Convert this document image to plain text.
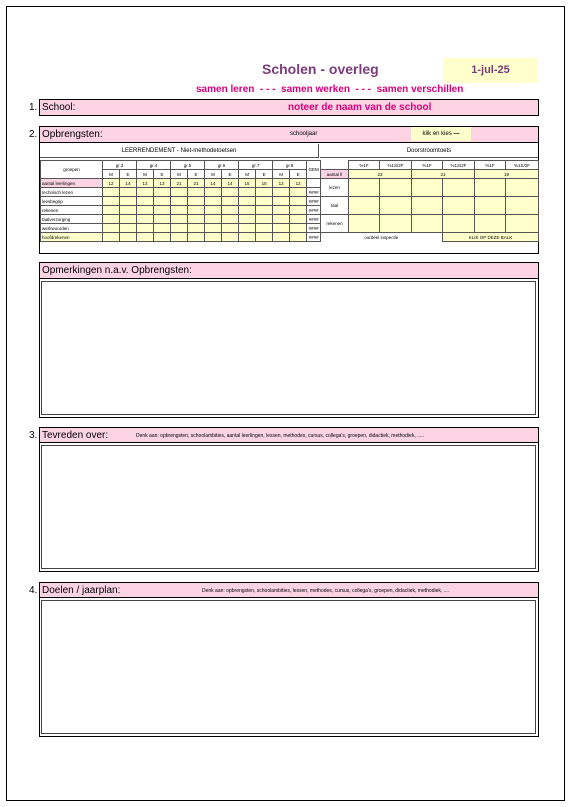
Scholen - overleg	1-jul-25
samen leren  - - -  samen werken  - - -  samen verschillen
1. School:	noteer de naam van de school
2. Opbrengsten:	schooljaar	klik en kies —
LEERRENDEMENT - Niet-methodetoetsen	Doorstroomtoets
groepen	gr.3		gr.4		gr.5		gr.6		gr.7		gr.8		GEM
	M	E	M	E	M	E	M	E	M	E	M	E	
aantal leerlingen	12	14	13	13	21	21	14	14	15	15	12	12	
technisch lezen													####
leesbegrip													####
rekenen													####
taalverzorging													####
werkwoorden													####
hoofdrekenen													####
	%1F	%1S/2F	%1F	%1S/2F	%1F	%1S/2F
aantal ll	23		21		19	
lezen						
taal						
rekenen						
oordeel inspectie				KLIK OP DEZE BALK		
Opmerkingen n.a.v. Opbrengsten:
3. Tevreden over:	Denk aan: opbrengsten, schoolambities, aantal leerlingen, lessen, methodes, cursus, collega's, groepen, didactiek, methodiek, .....
4. Doelen / jaarplan:	Denk aan: opbrengsten, schoolambities, lessen, methodes, cursus, collega's, groepen, didactiek, methodiek, ....
